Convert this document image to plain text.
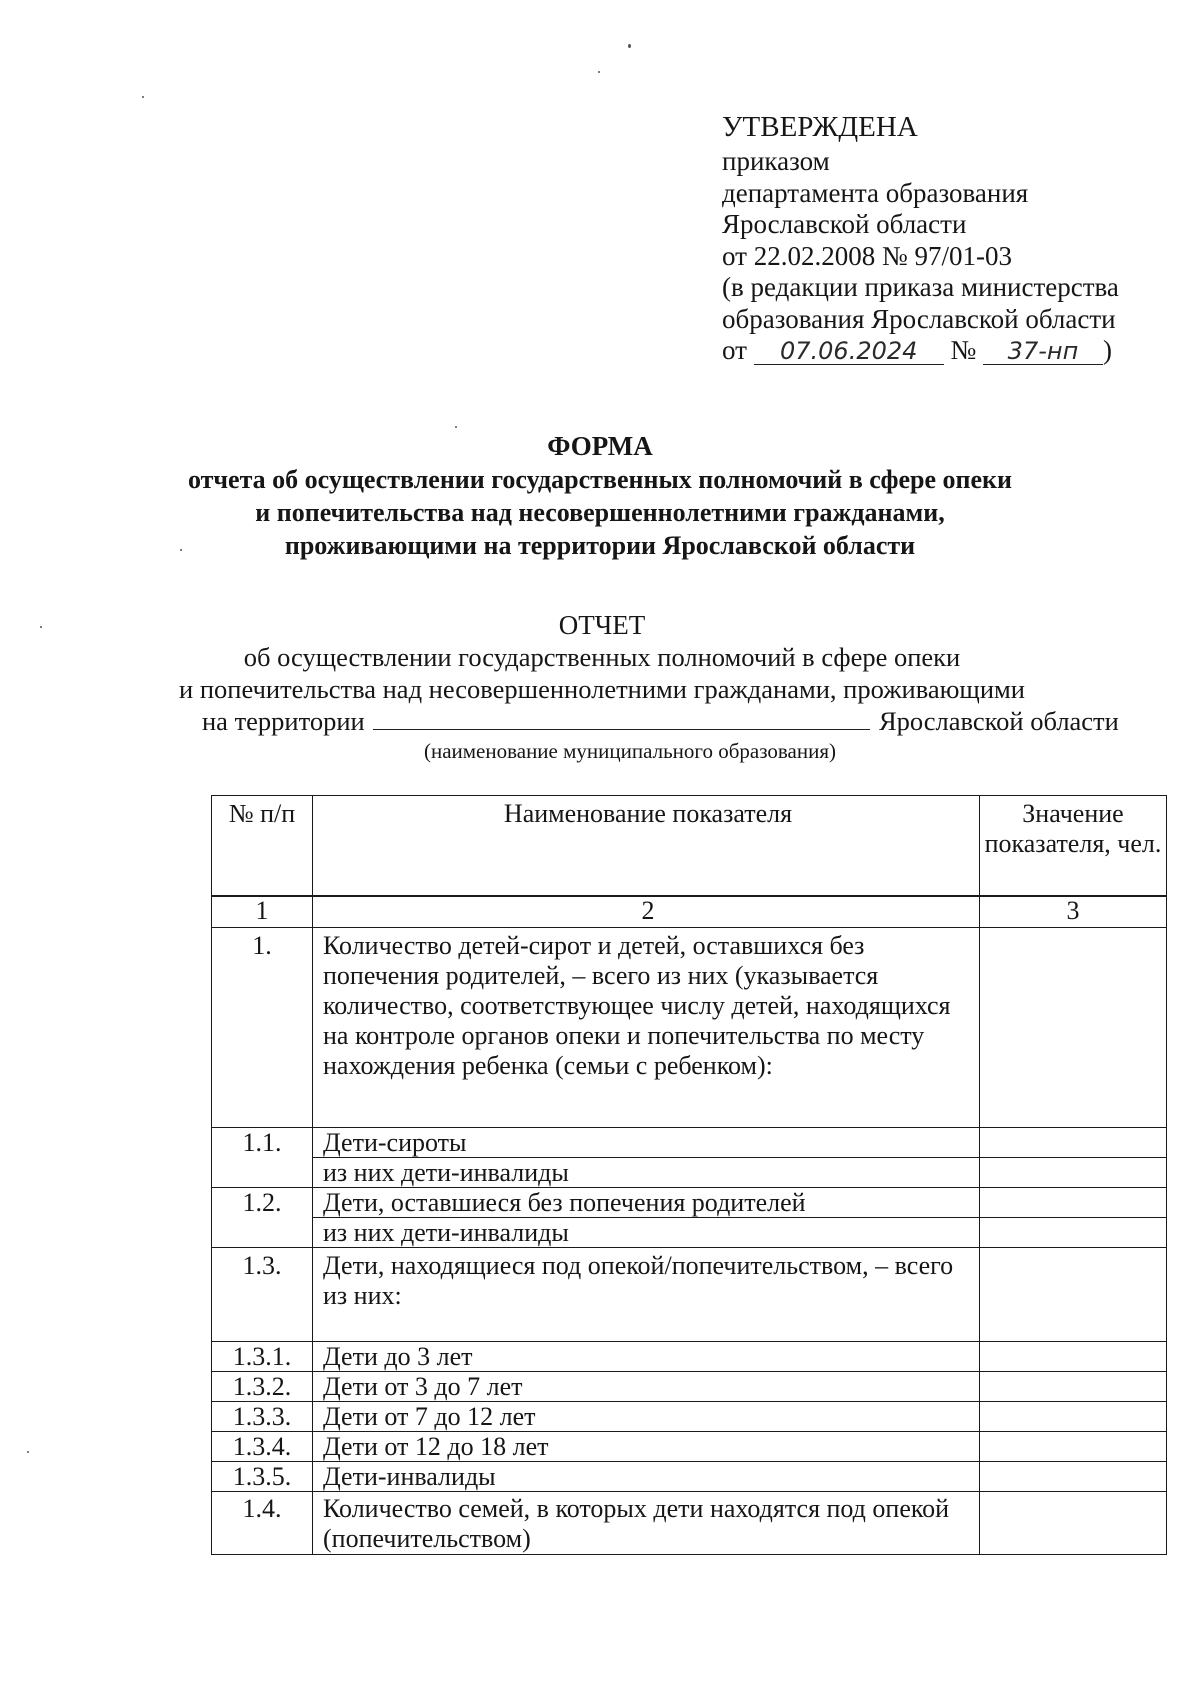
УТВЕРЖДЕНА
приказом
департамента образования
Ярославской области
от 22.02.2008 № 97/01-03
(в редакции приказа министерства
образования Ярославской области
от 07.06.2024 № 37-нп )
ФОРМА
отчета об осуществлении государственных полномочий в сфере опеки
и попечительства над несовершеннолетними гражданами,
проживающими на территории Ярославской области
ОТЧЕТ
об осуществлении государственных полномочий в сфере опеки
и попечительства над несовершеннолетними гражданами, проживающими
на территории	Ярославской области
(наименование муниципального образования)
№ п/п	Наименование показателя	Значение показателя, чел.
1	2	3
1.	Количество детей-сирот и детей, оставшихся без попечения родителей, – всего из них (указывается количество, соответствующее числу детей, находящихся на контроле органов опеки и попечительства по месту нахождения ребенка (семьи с ребенком):	
1.1.	Дети-сироты	
	из них дети-инвалиды	
1.2.	Дети, оставшиеся без попечения родителей	
	из них дети-инвалиды	
1.3.	Дети, находящиеся под опекой/попечительством, – всего из них:	
1.3.1.	Дети до 3 лет	
1.3.2.	Дети от 3 до 7 лет	
1.3.3.	Дети от 7 до 12 лет	
1.3.4.	Дети от 12 до 18 лет	
1.3.5.	Дети-инвалиды	
1.4.	Количество семей, в которых дети находятся под опекой (попечительством)	
